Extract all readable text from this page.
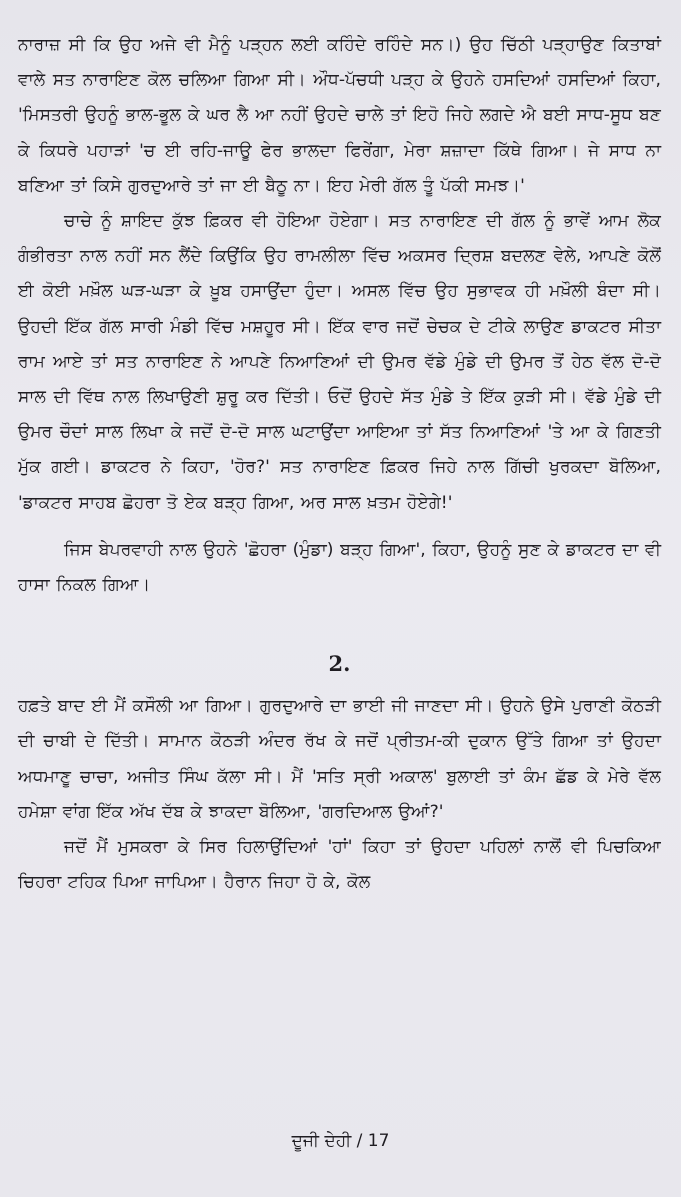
ਨਾਰਾਜ਼ ਸੀ ਕਿ ਉਹ ਅਜੇ ਵੀ ਮੈਨੂੰ ਪੜ੍ਹਨ ਲਈ ਕਹਿੰਦੇ ਰਹਿੰਦੇ ਸਨ।) ਉਹ ਚਿੱਠੀ ਪੜ੍ਹਾਉਣ ਕਿਤਾਬਾਂ ਵਾਲੇ ਸਤ ਨਾਰਾਇਣ ਕੋਲ ਚਲਿਆ ਗਿਆ ਸੀ। ਔਧ-ਪੱਚਧੀ ਪੜ੍ਹ ਕੇ ਉਹਨੇ ਹਸਦਿਆਂ ਹਸਦਿਆਂ ਕਿਹਾ, 'ਮਿਸਤਰੀ ਉਹਨੂੰ ਭਾਲ-ਭੂਲ ਕੇ ਘਰ ਲੈ ਆ ਨਹੀਂ ਉਹਦੇ ਚਾਲੇ ਤਾਂ ਇਹੋ ਜਿਹੇ ਲਗਦੇ ਐ ਬਈ ਸਾਧ-ਸੂਧ ਬਣ ਕੇ ਕਿਧਰੇ ਪਹਾੜਾਂ 'ਚ ਈ ਰਹਿ-ਜਾਊ ਫੇਰ ਭਾਲਦਾ ਫਿਰੇਂਗਾ, ਮੇਰਾ ਸ਼ਜ਼ਾਦਾ ਕਿੱਥੇ ਗਿਆ। ਜੇ ਸਾਧ ਨਾ ਬਣਿਆ ਤਾਂ ਕਿਸੇ ਗੁਰਦੁਆਰੇ ਤਾਂ ਜਾ ਈ ਬੈਠੂ ਨਾ। ਇਹ ਮੇਰੀ ਗੱਲ ਤੂੰ ਪੱਕੀ ਸਮਝ।'

ਚਾਚੇ ਨੂੰ ਸ਼ਾਇਦ ਕੁੱਝ ਫ਼ਿਕਰ ਵੀ ਹੋਇਆ ਹੋਏਗਾ। ਸਤ ਨਾਰਾਇਣ ਦੀ ਗੱਲ ਨੂੰ ਭਾਵੇਂ ਆਮ ਲੋਕ ਗੰਭੀਰਤਾ ਨਾਲ ਨਹੀਂ ਸਨ ਲੈਂਦੇ ਕਿਉਂਕਿ ਉਹ ਰਾਮਲੀਲਾ ਵਿੱਚ ਅਕਸਰ ਦ੍ਰਿਸ਼ ਬਦਲਣ ਵੇਲੇ, ਆਪਣੇ ਕੋਲੋਂ ਈ ਕੋਈ ਮਖ਼ੌਲ ਘੜ-ਘੜਾ ਕੇ ਖ਼ੂਬ ਹਸਾਉਂਦਾ ਹੁੰਦਾ। ਅਸਲ ਵਿੱਚ ਉਹ ਸੁਭਾਵਕ ਹੀ ਮਖ਼ੌਲੀ ਬੰਦਾ ਸੀ। ਉਹਦੀ ਇੱਕ ਗੱਲ ਸਾਰੀ ਮੰਡੀ ਵਿੱਚ ਮਸ਼ਹੂਰ ਸੀ। ਇੱਕ ਵਾਰ ਜਦੋਂ ਚੇਚਕ ਦੇ ਟੀਕੇ ਲਾਉਣ ਡਾਕਟਰ ਸੀਤਾ ਰਾਮ ਆਏ ਤਾਂ ਸਤ ਨਾਰਾਇਣ ਨੇ ਆਪਣੇ ਨਿਆਣਿਆਂ ਦੀ ਉਮਰ ਵੱਡੇ ਮੁੰਡੇ ਦੀ ਉਮਰ ਤੋਂ ਹੇਠ ਵੱਲ ਦੋ-ਦੋ ਸਾਲ ਦੀ ਵਿੱਥ ਨਾਲ ਲਿਖਾਉਣੀ ਸ਼ੁਰੂ ਕਰ ਦਿੱਤੀ। ਓਦੋਂ ਉਹਦੇ ਸੱਤ ਮੁੰਡੇ ਤੇ ਇੱਕ ਕੁੜੀ ਸੀ। ਵੱਡੇ ਮੁੰਡੇ ਦੀ ਉਮਰ ਚੌਦਾਂ ਸਾਲ ਲਿਖਾ ਕੇ ਜਦੋਂ ਦੋ-ਦੋ ਸਾਲ ਘਟਾਉਂਦਾ ਆਇਆ ਤਾਂ ਸੱਤ ਨਿਆਣਿਆਂ 'ਤੇ ਆ ਕੇ ਗਿਣਤੀ ਮੁੱਕ ਗਈ। ਡਾਕਟਰ ਨੇ ਕਿਹਾ, 'ਹੋਰ?' ਸਤ ਨਾਰਾਇਣ ਫ਼ਿਕਰ ਜਿਹੇ ਨਾਲ ਗਿੱਚੀ ਖੁਰਕਦਾ ਬੋਲਿਆ, 'ਡਾਕਟਰ ਸਾਹਬ ਛੋਹਰਾ ਤੋ ਏਕ ਬੜ੍ਹ ਗਿਆ, ਅਰ ਸਾਲ ਖ਼ਤਮ ਹੋਏਗੇ!'

ਜਿਸ ਬੇਪਰਵਾਹੀ ਨਾਲ ਉਹਨੇ 'ਛੋਹਰਾ (ਮੁੰਡਾ) ਬੜ੍ਹ ਗਿਆ', ਕਿਹਾ, ਉਹਨੂੰ ਸੁਣ ਕੇ ਡਾਕਟਰ ਦਾ ਵੀ ਹਾਸਾ ਨਿਕਲ ਗਿਆ।

2.

ਹਫ਼ਤੇ ਬਾਦ ਈ ਮੈਂ ਕਸੌਲੀ ਆ ਗਿਆ। ਗੁਰਦੁਆਰੇ ਦਾ ਭਾਈ ਜੀ ਜਾਣਦਾ ਸੀ। ਉਹਨੇ ਉਸੇ ਪੁਰਾਣੀ ਕੋਠੜੀ ਦੀ ਚਾਬੀ ਦੇ ਦਿੱਤੀ। ਸਾਮਾਨ ਕੋਠੜੀ ਅੰਦਰ ਰੱਖ ਕੇ ਜਦੋਂ ਪ੍ਰੀਤਮ-ਕੀ ਦੁਕਾਨ ਉੱਤੇ ਗਿਆ ਤਾਂ ਉਹਦਾ ਅਧਮਾਣੂ ਚਾਚਾ, ਅਜੀਤ ਸਿੰਘ ਕੱਲਾ ਸੀ। ਮੈਂ 'ਸਤਿ ਸ੍ਰੀ ਅਕਾਲ' ਬੁਲਾਈ ਤਾਂ ਕੰਮ ਛੱਡ ਕੇ ਮੇਰੇ ਵੱਲ ਹਮੇਸ਼ਾ ਵਾਂਗ ਇੱਕ ਅੱਖ ਦੱਬ ਕੇ ਝਾਕਦਾ ਬੋਲਿਆ, 'ਗਰਦਿਆਲ ਉਆਂ?'

ਜਦੋਂ ਮੈਂ ਮੁਸਕਰਾ ਕੇ ਸਿਰ ਹਿਲਾਉਂਦਿਆਂ 'ਹਾਂ' ਕਿਹਾ ਤਾਂ ਉਹਦਾ ਪਹਿਲਾਂ ਨਾਲੋਂ ਵੀ ਪਿਚਕਿਆ ਚਿਹਰਾ ਟਹਿਕ ਪਿਆ ਜਾਪਿਆ। ਹੈਰਾਨ ਜਿਹਾ ਹੋ ਕੇ, ਕੋਲ

ਦੂਜੀ ਦੇਹੀ / 17
